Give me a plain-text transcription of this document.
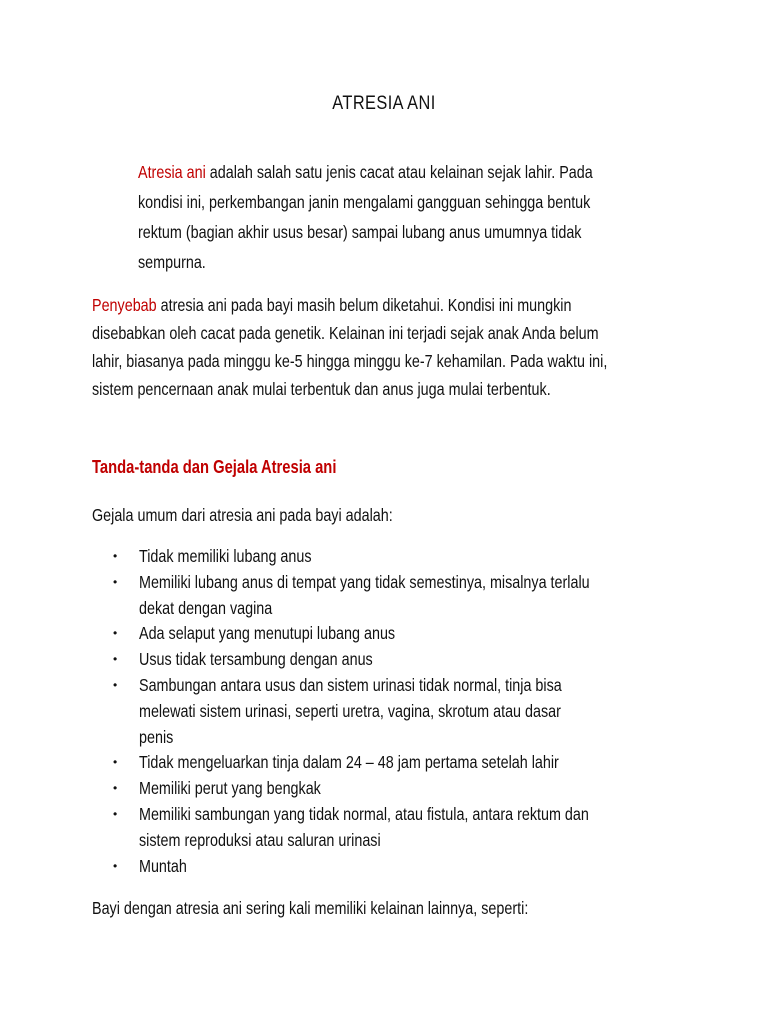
ATRESIA ANI
Atresia ani adalah salah satu jenis cacat atau kelainan sejak lahir. Pada
kondisi ini, perkembangan janin mengalami gangguan sehingga bentuk
rektum (bagian akhir usus besar) sampai lubang anus umumnya tidak
sempurna.
Penyebab atresia ani pada bayi masih belum diketahui. Kondisi ini mungkin
disebabkan oleh cacat pada genetik. Kelainan ini terjadi sejak anak Anda belum
lahir, biasanya pada minggu ke-5 hingga minggu ke-7 kehamilan. Pada waktu ini,
sistem pencernaan anak mulai terbentuk dan anus juga mulai terbentuk.
Tanda-tanda dan Gejala Atresia ani
Gejala umum dari atresia ani pada bayi adalah:
• Tidak memiliki lubang anus
• Memiliki lubang anus di tempat yang tidak semestinya, misalnya terlalu
dekat dengan vagina
• Ada selaput yang menutupi lubang anus
• Usus tidak tersambung dengan anus
• Sambungan antara usus dan sistem urinasi tidak normal, tinja bisa
melewati sistem urinasi, seperti uretra, vagina, skrotum atau dasar
penis
• Tidak mengeluarkan tinja dalam 24 – 48 jam pertama setelah lahir
• Memiliki perut yang bengkak
• Memiliki sambungan yang tidak normal, atau fistula, antara rektum dan
sistem reproduksi atau saluran urinasi
• Muntah
Bayi dengan atresia ani sering kali memiliki kelainan lainnya, seperti:
